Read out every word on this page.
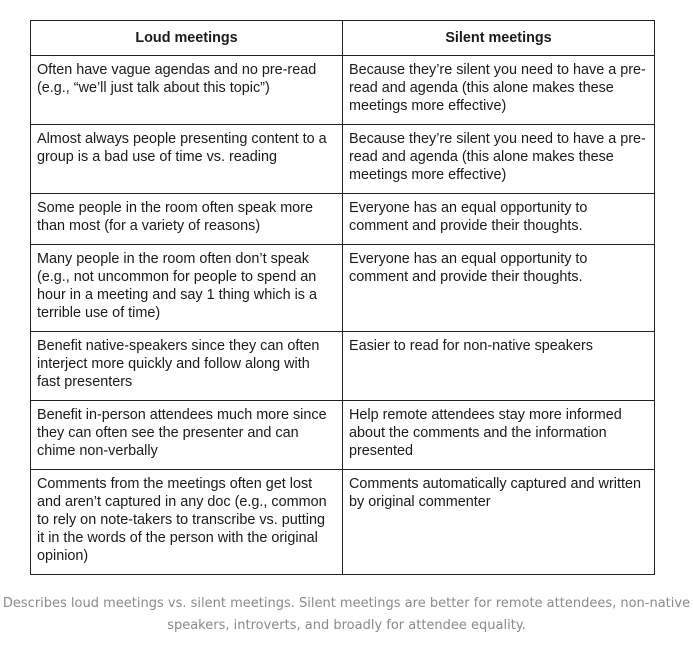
Loud meetings	Silent meetings
Often have vague agendas and no pre-read (e.g., “we’ll just talk about this topic”)	Because they’re silent you need to have a pre-read and agenda (this alone makes these meetings more effective)
Almost always people presenting content to a group is a bad use of time vs. reading	Because they’re silent you need to have a pre-read and agenda (this alone makes these meetings more effective)
Some people in the room often speak more than most (for a variety of reasons)	Everyone has an equal opportunity to comment and provide their thoughts.
Many people in the room often don’t speak (e.g., not uncommon for people to spend an hour in a meeting and say 1 thing which is a terrible use of time)	Everyone has an equal opportunity to comment and provide their thoughts.
Benefit native-speakers since they can often interject more quickly and follow along with fast presenters	Easier to read for non-native speakers
Benefit in-person attendees much more since they can often see the presenter and can chime non-verbally	Help remote attendees stay more informed about the comments and the information presented
Comments from the meetings often get lost and aren’t captured in any doc (e.g., common to rely on note-takers to transcribe vs. putting it in the words of the person with the original opinion)	Comments automatically captured and written by original commenter
Describes loud meetings vs. silent meetings. Silent meetings are better for remote attendees, non-native speakers, introverts, and broadly for attendee equality.
